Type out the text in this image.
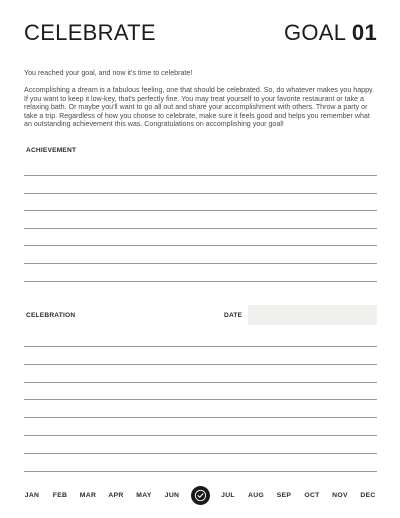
CELEBRATE	GOAL 01
You reached your goal, and now it's time to celebrate!
Accomplishing a dream is a fabulous feeling, one that should be celebrated. So, do whatever makes you happy. If you want to keep it low-key, that's perfectly fine. You may treat yourself to your favorite restaurant or take a relaxing bath. Or maybe you'll want to go all out and share your accomplishment with others. Throw a party or take a trip. Regardless of how you choose to celebrate, make sure it feels good and helps you remember what an outstanding achievement this was. Congratulations on accomplishing your goal!
ACHIEVEMENT
CELEBRATION	DATE
JAN	FEB	MAR	APR	MAY	JUN	JUL	AUG	SEP	OCT	NOV	DEC
